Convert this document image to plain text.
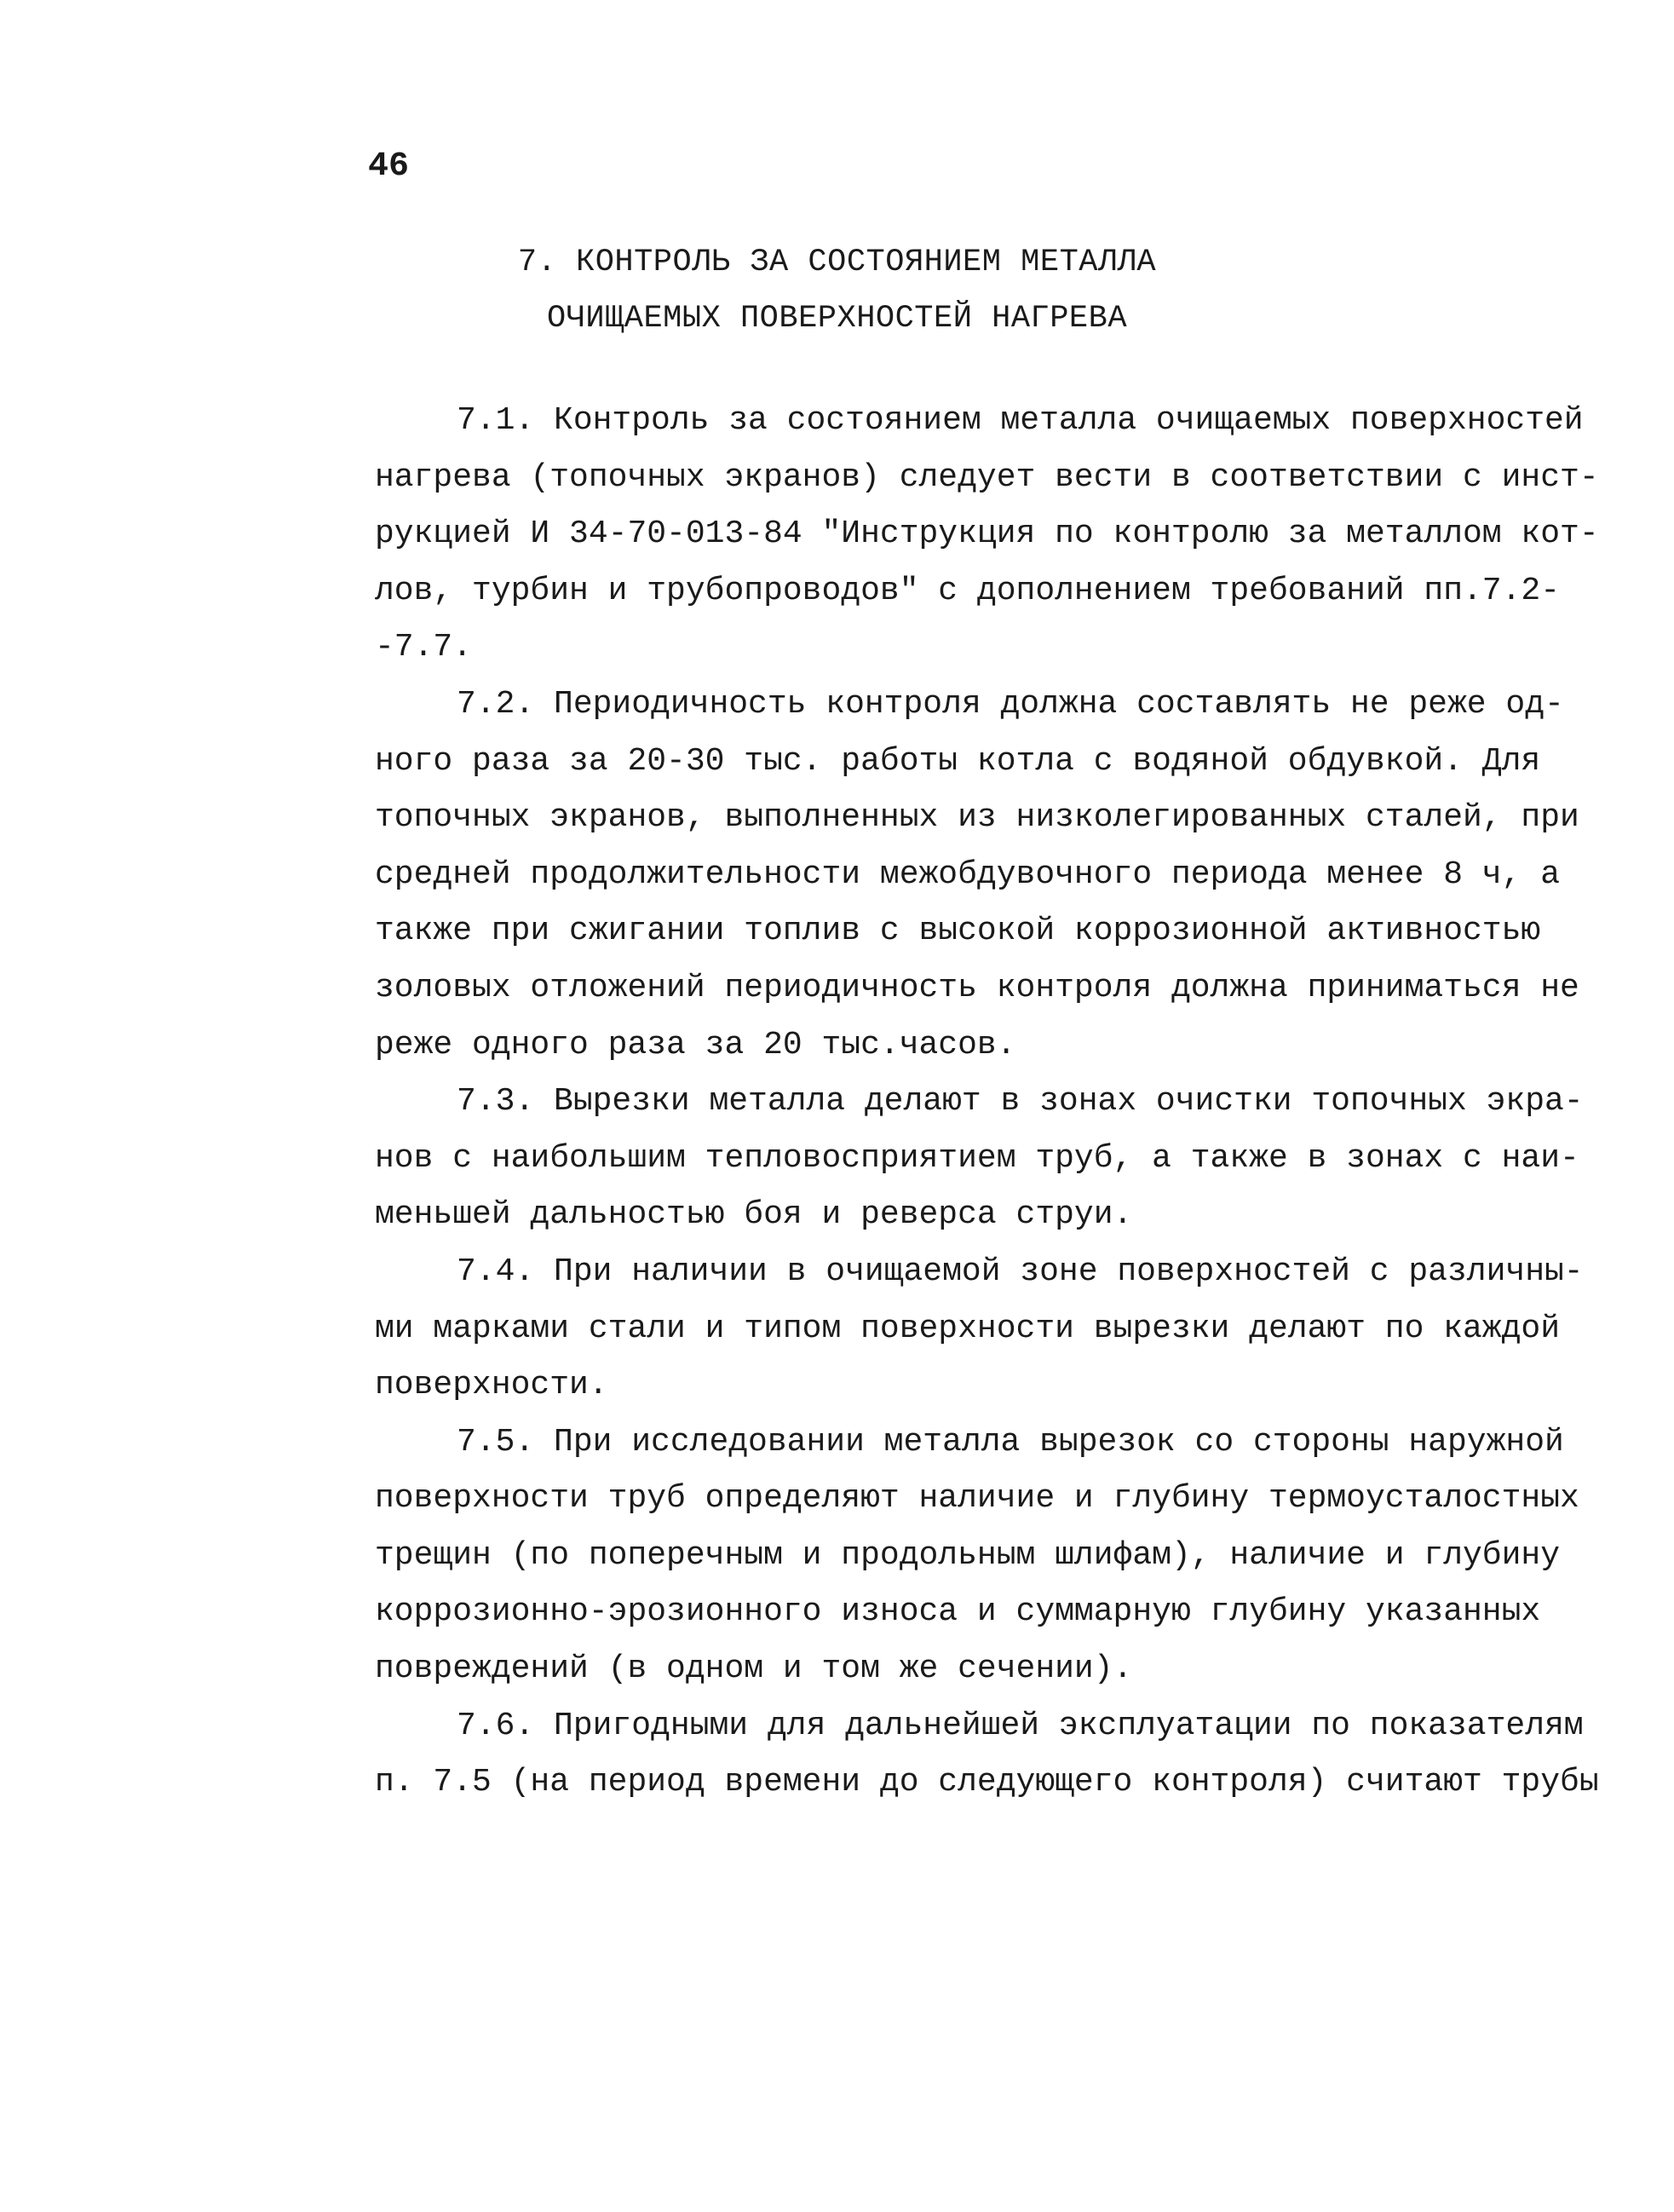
46
7. КОНТРОЛЬ ЗА СОСТОЯНИЕМ МЕТАЛЛА
ОЧИЩАЕМЫХ ПОВЕРХНОСТЕЙ НАГРЕВА
7.1. Контроль за состоянием металла очищаемых поверхностей
нагрева (топочных экранов) следует вести в соответствии с инст-
рукцией И 34-70-013-84 "Инструкция по контролю за металлом кот-
лов, турбин и трубопроводов" с дополнением требований пп.7.2-
-7.7.
7.2. Периодичность контроля должна составлять не реже од-
ного раза за 20-30 тыс. работы котла с водяной обдувкой. Для
топочных экранов, выполненных из низколегированных сталей, при
средней продолжительности межобдувочного периода менее 8 ч, а
также при сжигании топлив с высокой коррозионной активностью
золовых отложений периодичность контроля должна приниматься не
реже одного раза за 20 тыс.часов.
7.3. Вырезки металла делают в зонах очистки топочных экра-
нов с наибольшим тепловосприятием труб, а также в зонах с наи-
меньшей дальностью боя и реверса струи.
7.4. При наличии в очищаемой зоне поверхностей с различны-
ми марками стали и типом поверхности вырезки делают по каждой
поверхности.
7.5. При исследовании металла вырезок со стороны наружной
поверхности труб определяют наличие и глубину термоусталостных
трещин (по поперечным и продольным шлифам), наличие и глубину
коррозионно-эрозионного износа и суммарную глубину указанных
повреждений (в одном и том же сечении).
7.6. Пригодными для дальнейшей эксплуатации по показателям
п. 7.5 (на период времени до следующего контроля) считают трубы
